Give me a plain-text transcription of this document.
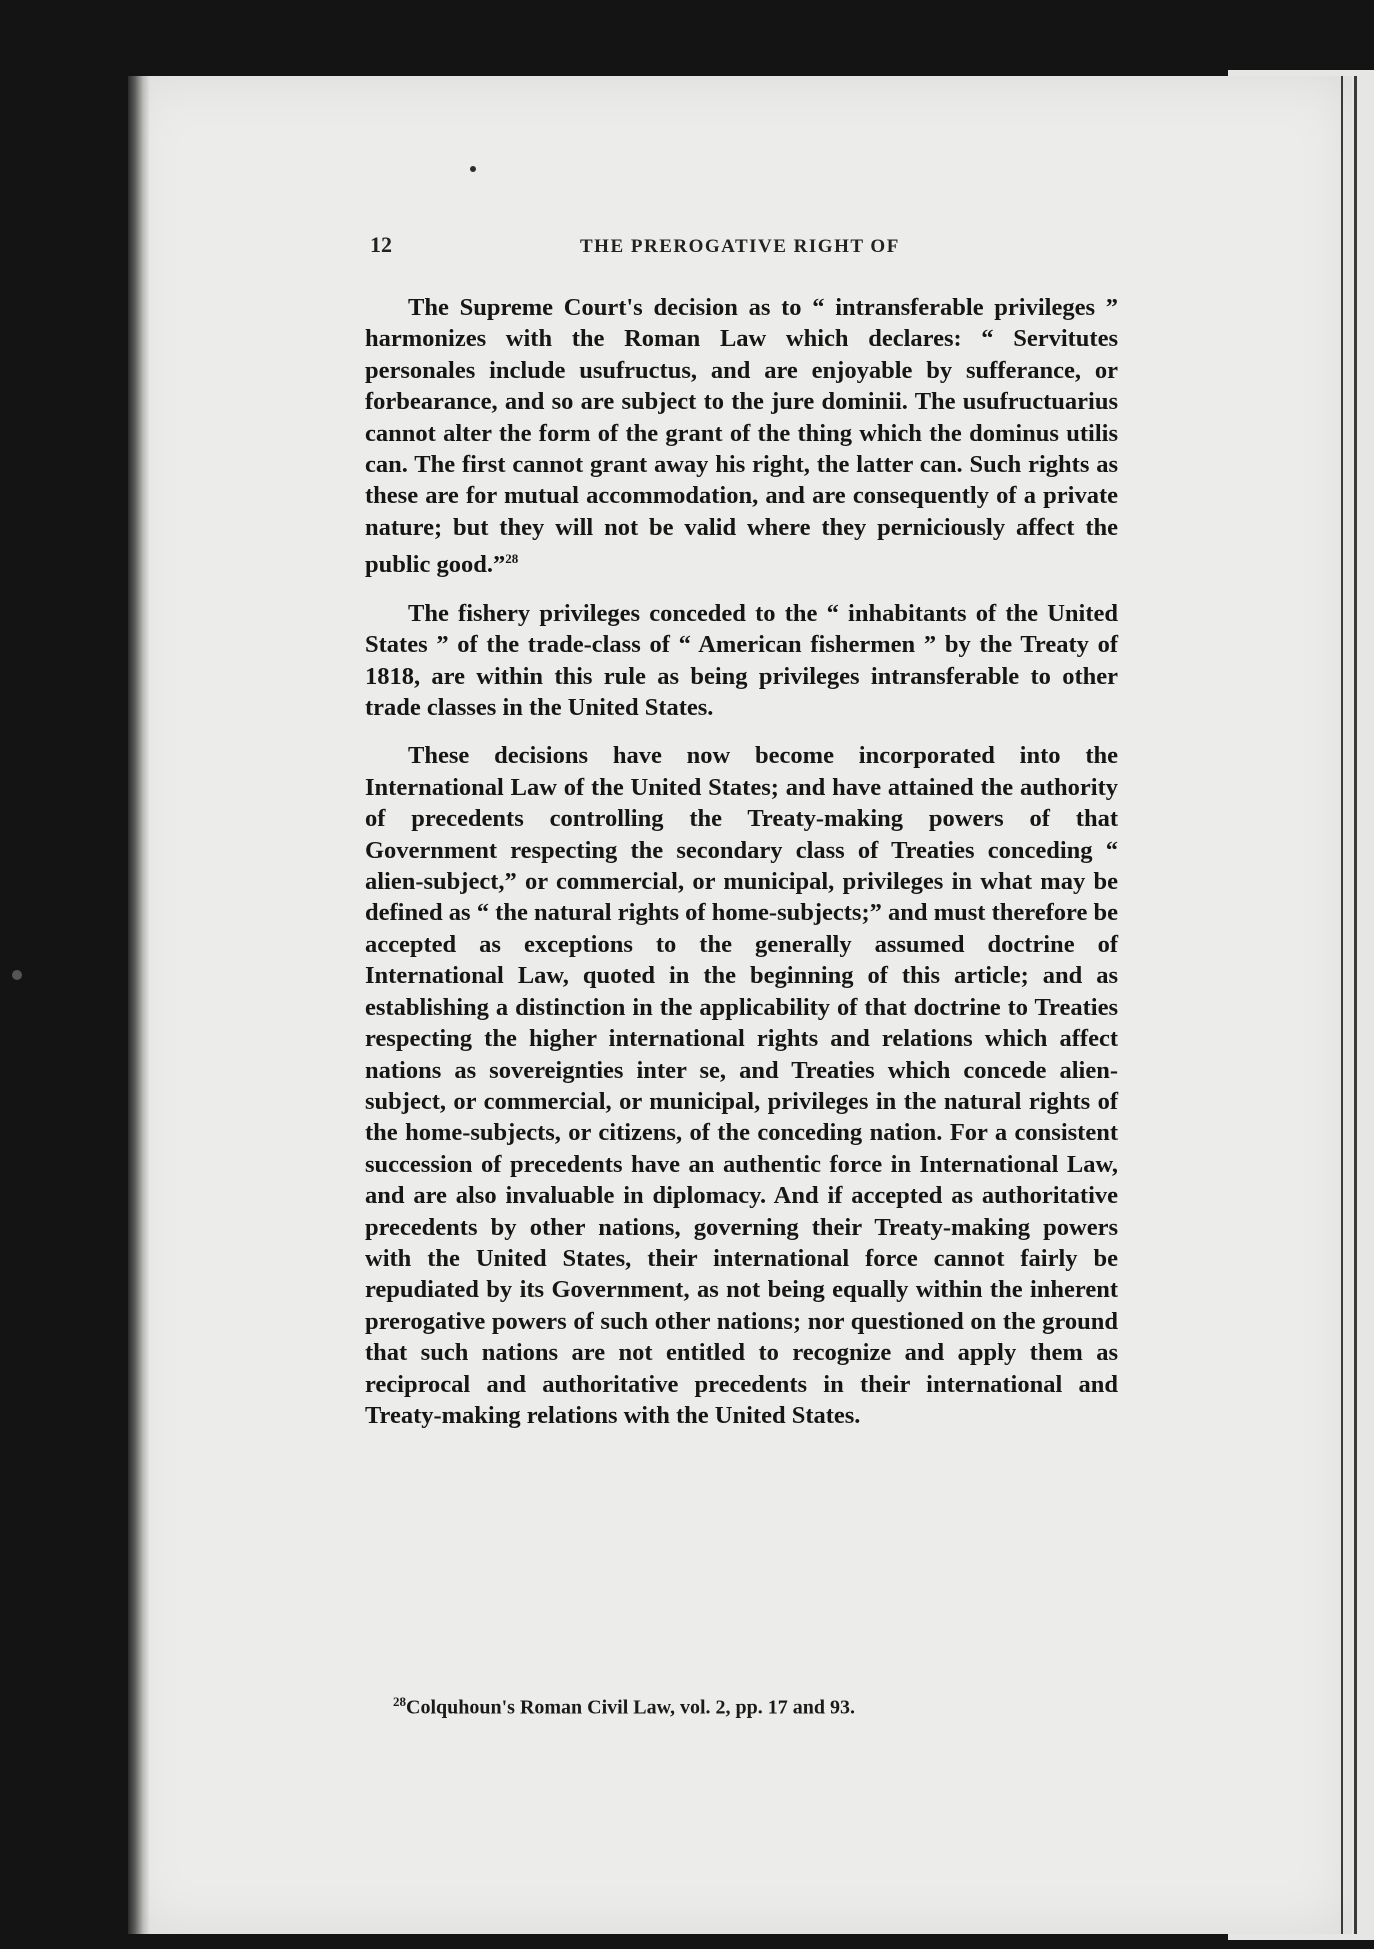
12	THE PREROGATIVE RIGHT OF

The Supreme Court's decision as to “ intransferable privileges ” harmonizes with the Roman Law which declares: “ Servitutes personales include usufructus, and are enjoyable by sufferance, or forbearance, and so are subject to the jure dominii. The usufructuarius cannot alter the form of the grant of the thing which the dominus utilis can. The first cannot grant away his right, the latter can. Such rights as these are for mutual accommodation, and are consequently of a private nature; but they will not be valid where they perniciously affect the public good.”$^{28}$

The fishery privileges conceded to the “ inhabitants of the United States ” of the trade-class of “ American fishermen ” by the Treaty of 1818, are within this rule as being privileges intransferable to other trade classes in the United States.

These decisions have now become incorporated into the International Law of the United States; and have attained the authority of precedents controlling the Treaty-making powers of that Government respecting the secondary class of Treaties conceding “ alien-subject,” or commercial, or municipal, privileges in what may be defined as “ the natural rights of home-subjects;” and must therefore be accepted as exceptions to the generally assumed doctrine of International Law, quoted in the beginning of this article; and as establishing a distinction in the applicability of that doctrine to Treaties respecting the higher international rights and relations which affect nations as sovereignties inter se, and Treaties which concede alien-subject, or commercial, or municipal, privileges in the natural rights of the home-subjects, or citizens, of the conceding nation. For a consistent succession of precedents have an authentic force in International Law, and are also invaluable in diplomacy. And if accepted as authoritative precedents by other nations, governing their Treaty-making powers with the United States, their international force cannot fairly be repudiated by its Government, as not being equally within the inherent prerogative powers of such other nations; nor questioned on the ground that such nations are not entitled to recognize and apply them as reciprocal and authoritative precedents in their international and Treaty-making relations with the United States.

$^{28}$Colquhoun's Roman Civil Law, vol. 2, pp. 17 and 93.
